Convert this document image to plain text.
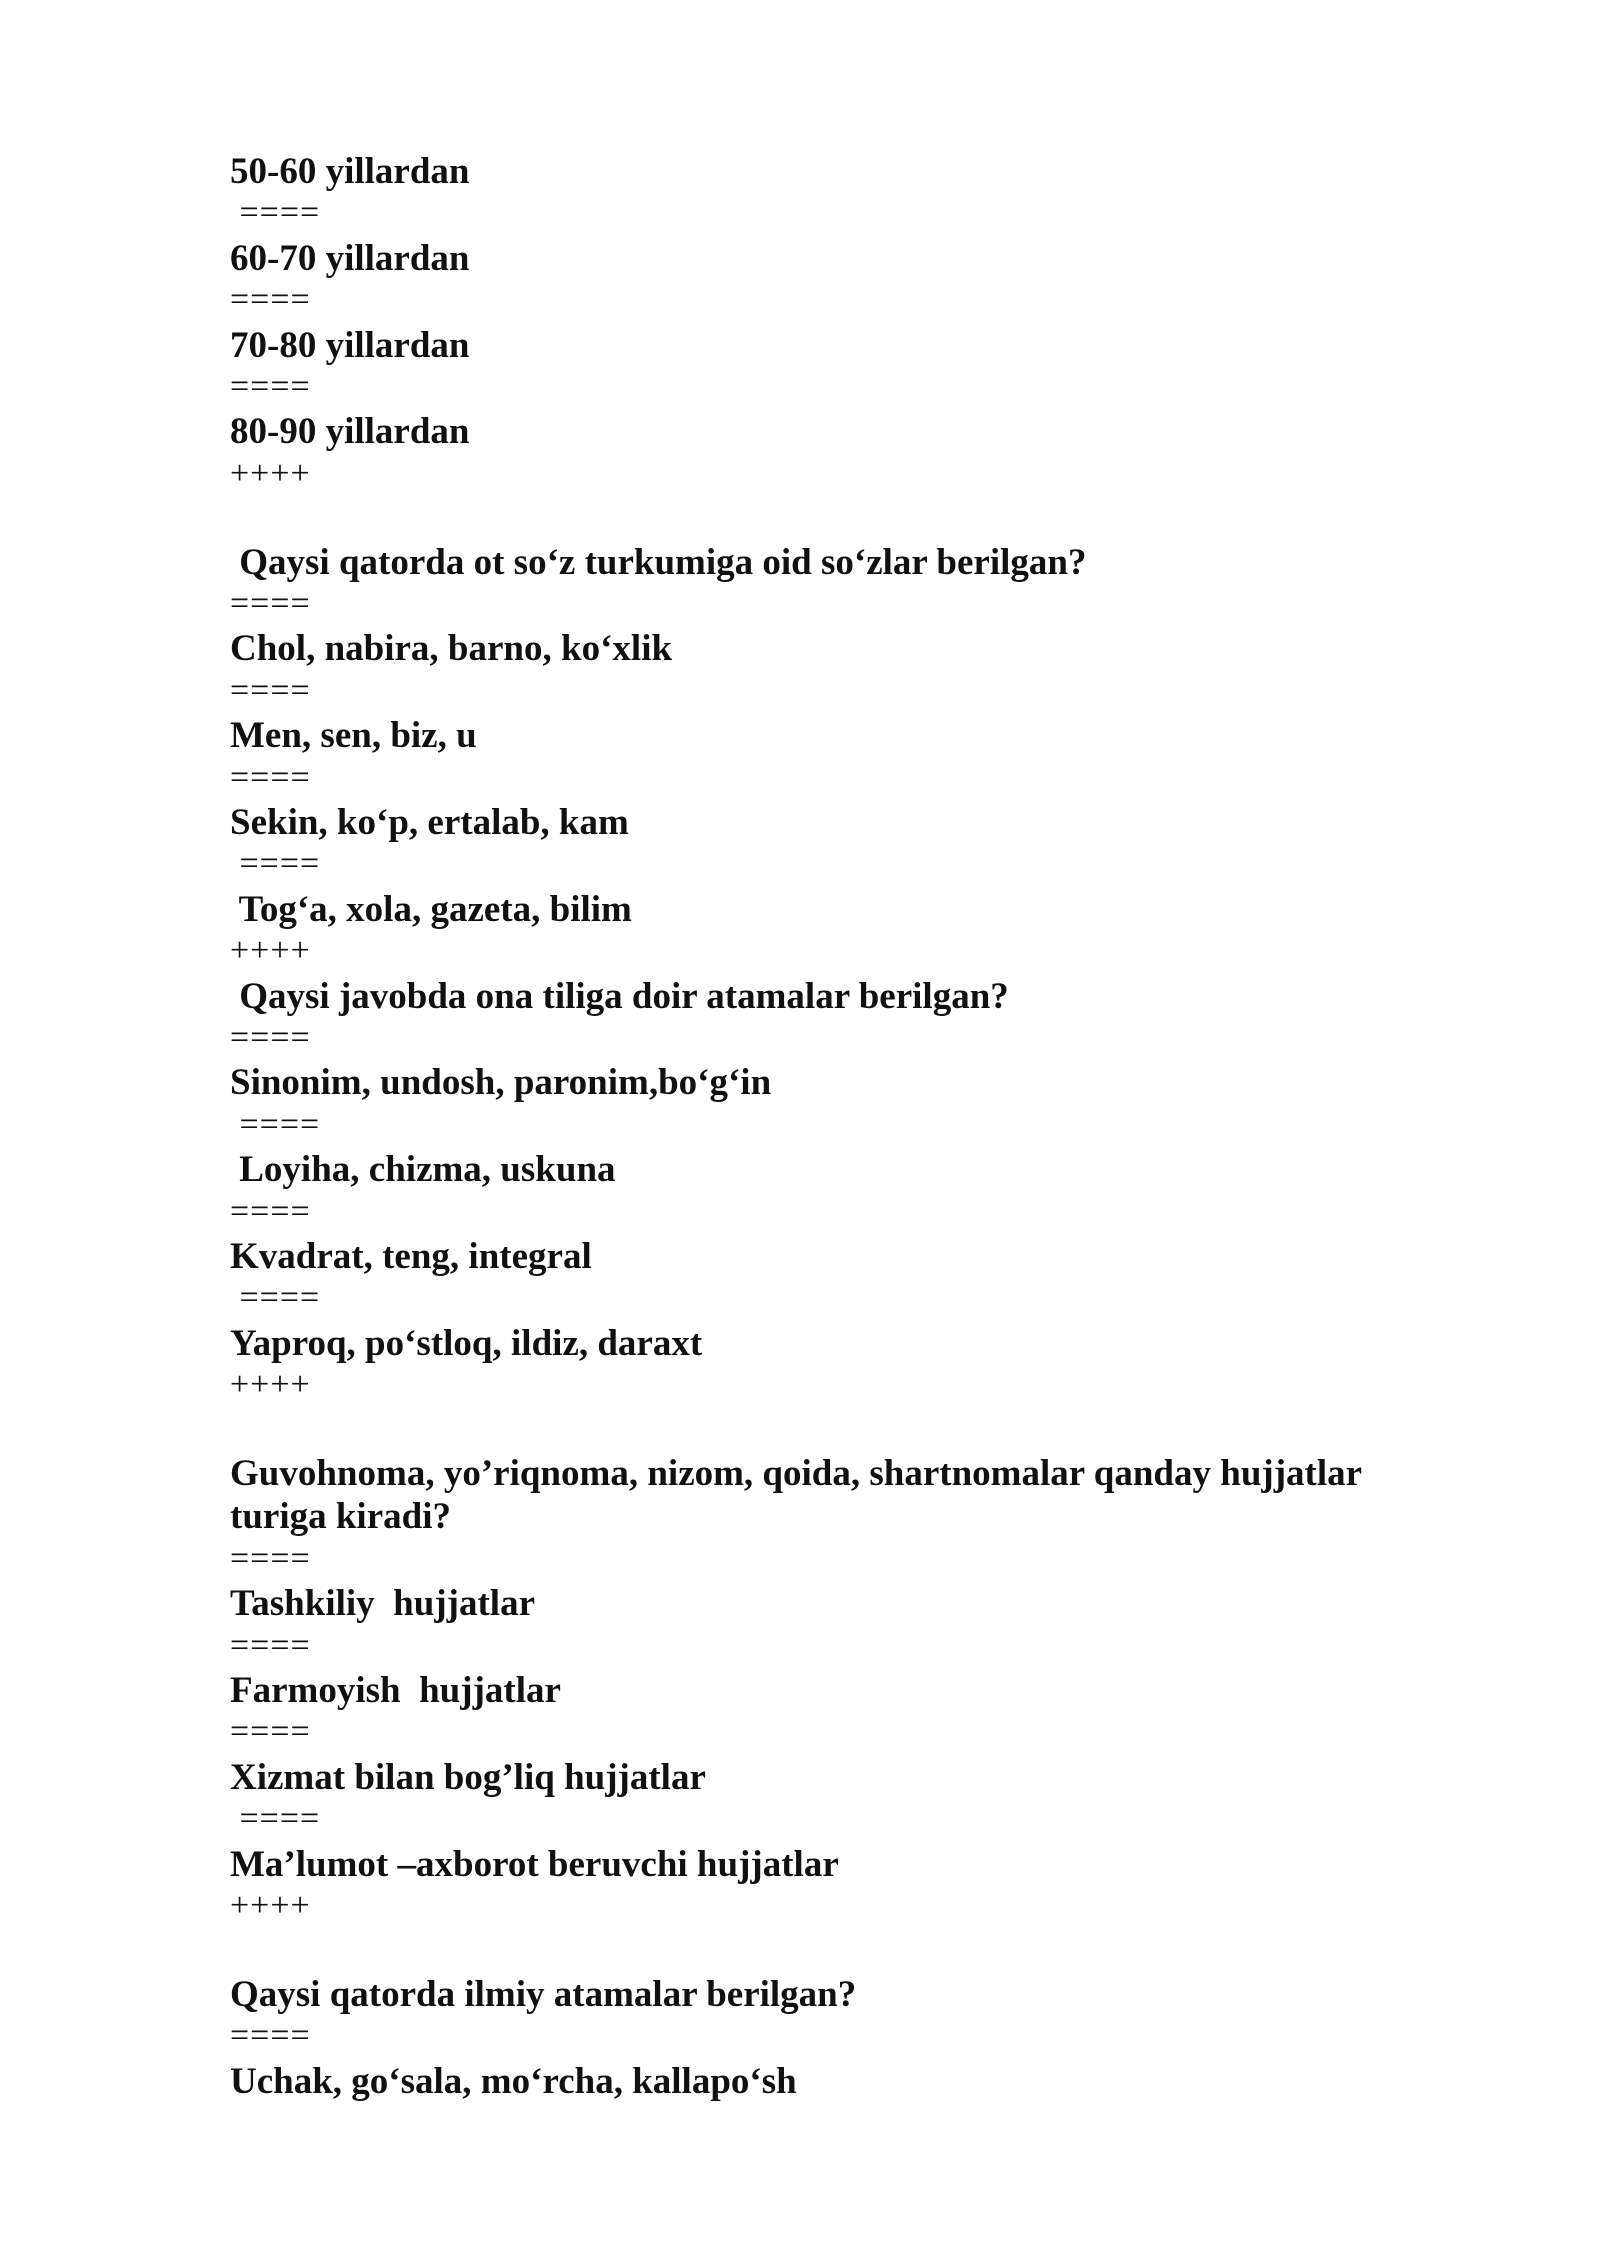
50-60 yillardan
====
60-70 yillardan
====
70-80 yillardan
====
80-90 yillardan
++++
Qaysi qatorda ot so‘z turkumiga oid so‘zlar berilgan?
====
Chol, nabira, barno, ko‘xlik
====
Men, sen, biz, u
====
Sekin, ko‘p, ertalab, kam
====
Tog‘a, xola, gazeta, bilim
++++
Qaysi javobda ona tiliga doir atamalar berilgan?
====
Sinonim, undosh, paronim,bo‘g‘in
====
Loyiha, chizma, uskuna
====
Kvadrat, teng, integral
====
Yaproq, po‘stloq, ildiz, daraxt
++++
Guvohnoma, yo’riqnoma, nizom, qoida, shartnomalar qanday hujjatlar
turiga kiradi?
====
Tashkiliy  hujjatlar
====
Farmoyish  hujjatlar
====
Xizmat bilan bog’liq hujjatlar
====
Ma’lumot –axborot beruvchi hujjatlar
++++
Qaysi qatorda ilmiy atamalar berilgan?
====
Uchak, go‘sala, mo‘rcha, kallapo‘sh
